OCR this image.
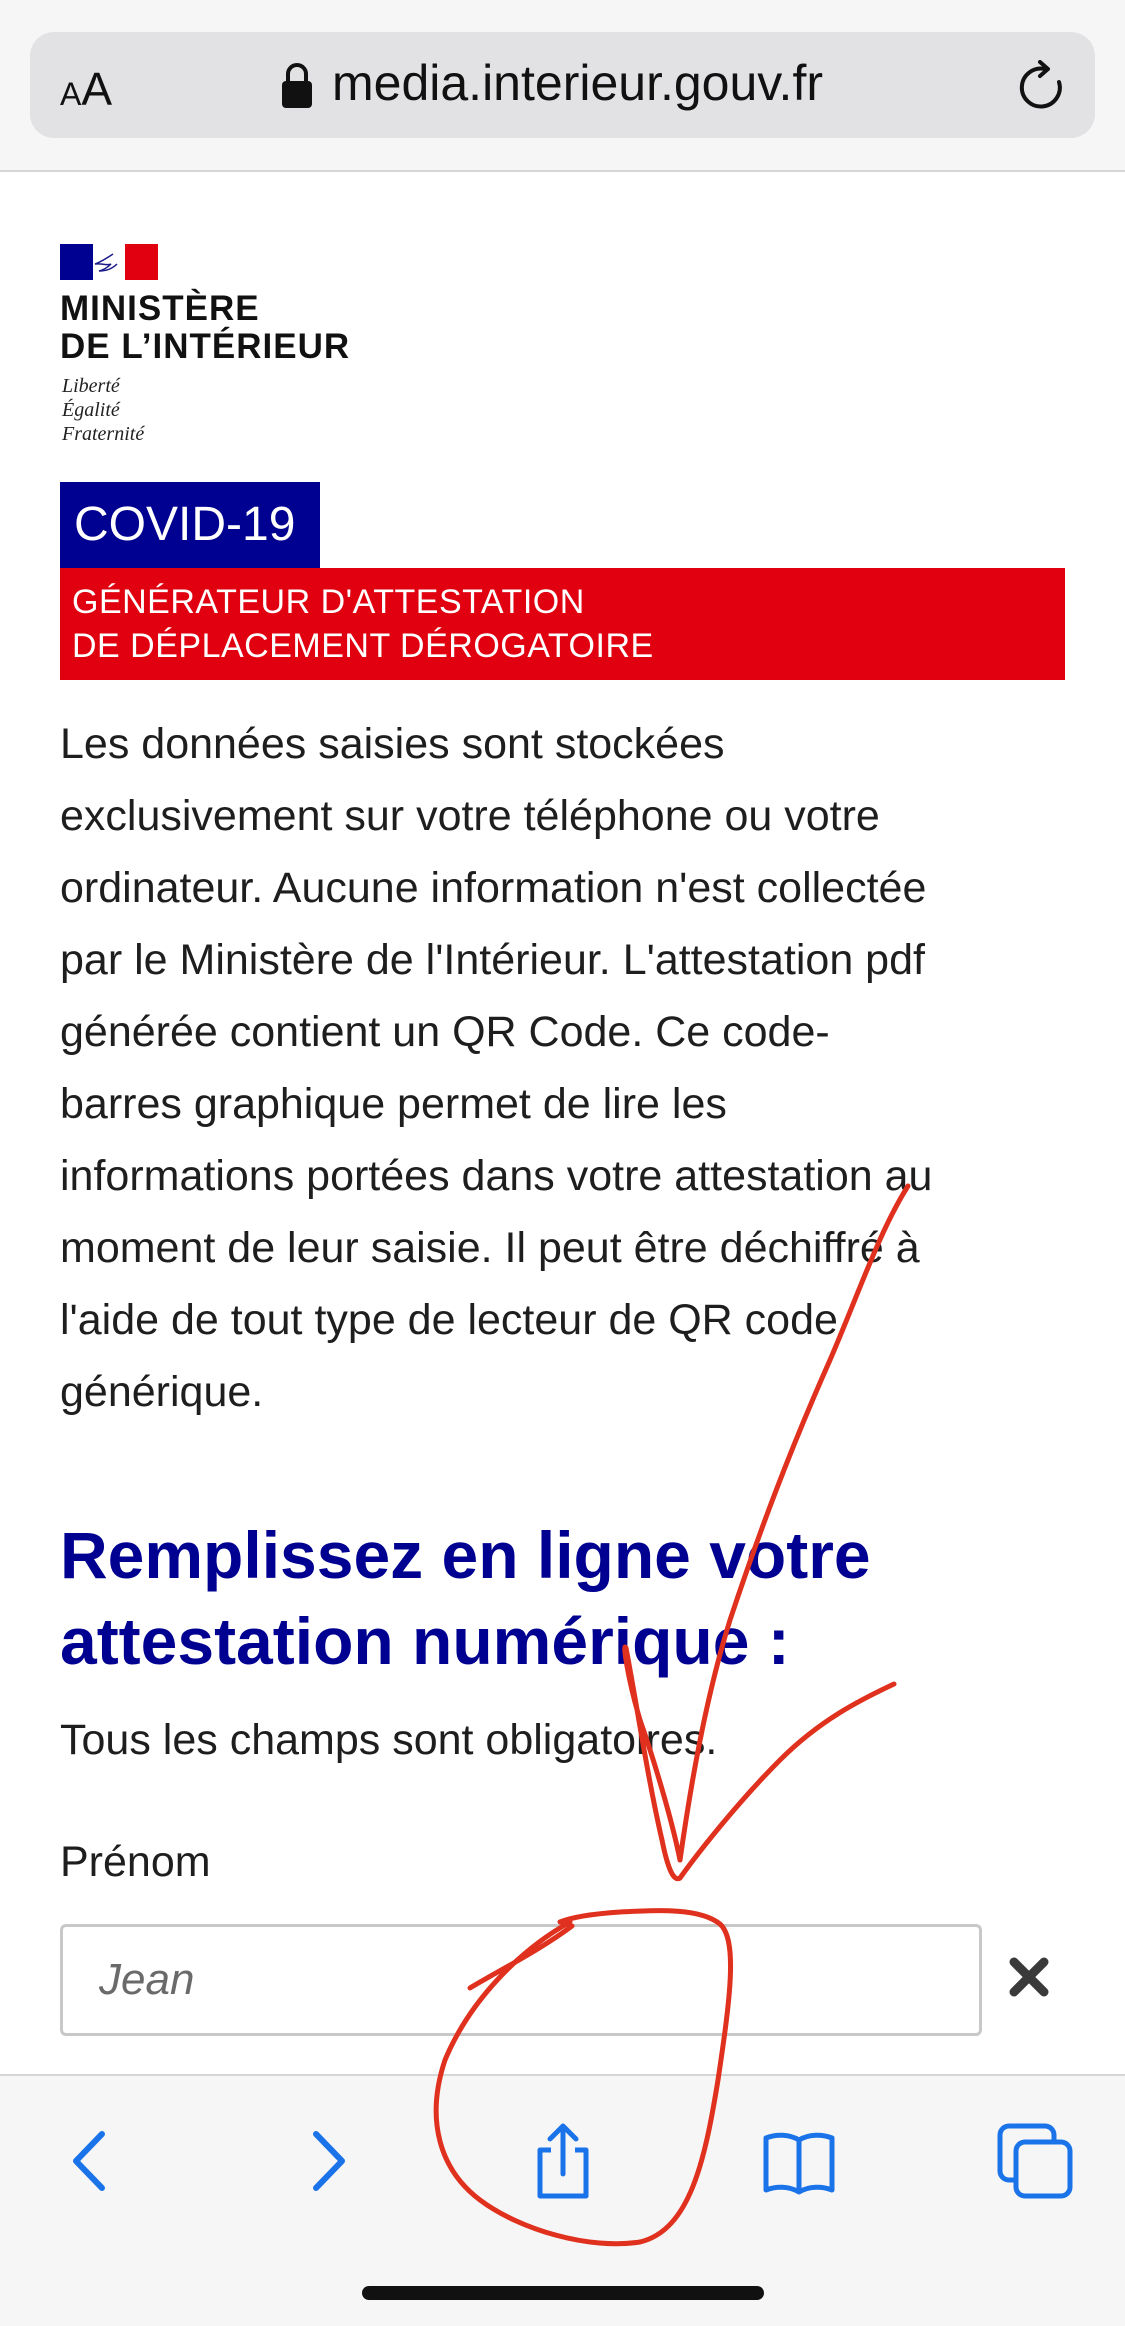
AA	media.interieur.gouv.fr
MINISTÈRE
DE L’INTÉRIEUR
Liberté
Égalité
Fraternité
COVID-19
GÉNÉRATEUR D'ATTESTATION
DE DÉPLACEMENT DÉROGATOIRE
Les données saisies sont stockées
exclusivement sur votre téléphone ou votre
ordinateur. Aucune information n'est collectée
par le Ministère de l'Intérieur. L'attestation pdf
générée contient un QR Code. Ce code-
barres graphique permet de lire les
informations portées dans votre attestation au
moment de leur saisie. Il peut être déchiffré à
l'aide de tout type de lecteur de QR code
générique.
Remplissez en ligne votre
attestation numérique :
Tous les champs sont obligatoires.
Prénom
Jean
